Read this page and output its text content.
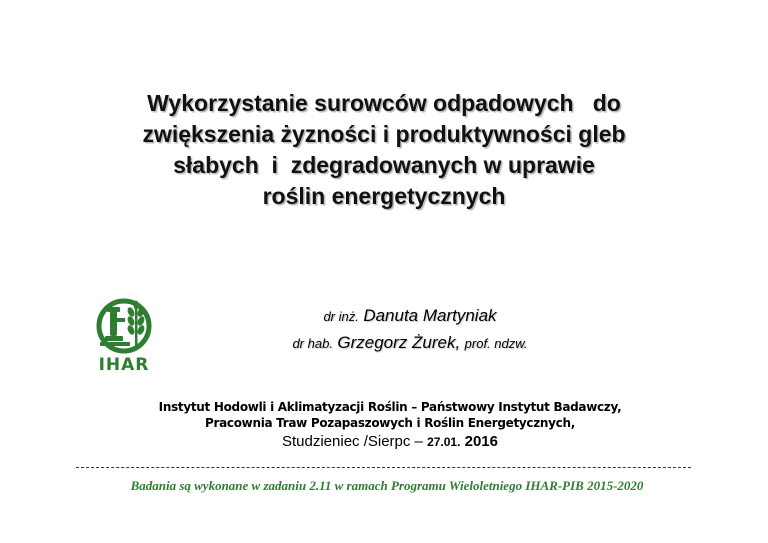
Wykorzystanie surowców odpadowych   do
zwiększenia żyzności i produktywności gleb
słabych  i  zdegradowanych w uprawie
roślin energetycznych
IHAR
dr inż. Danuta Martyniak
dr hab. Grzegorz Żurek, prof. ndzw.
Instytut Hodowli i Aklimatyzacji Roślin – Państwowy Instytut Badawczy,
Pracownia Traw Pozapaszowych i Roślin Energetycznych,
Studzieniec /Sierpc – 27.01. 2016
Badania są wykonane w zadaniu 2.11 w ramach Programu Wieloletniego IHAR-PIB 2015-2020
